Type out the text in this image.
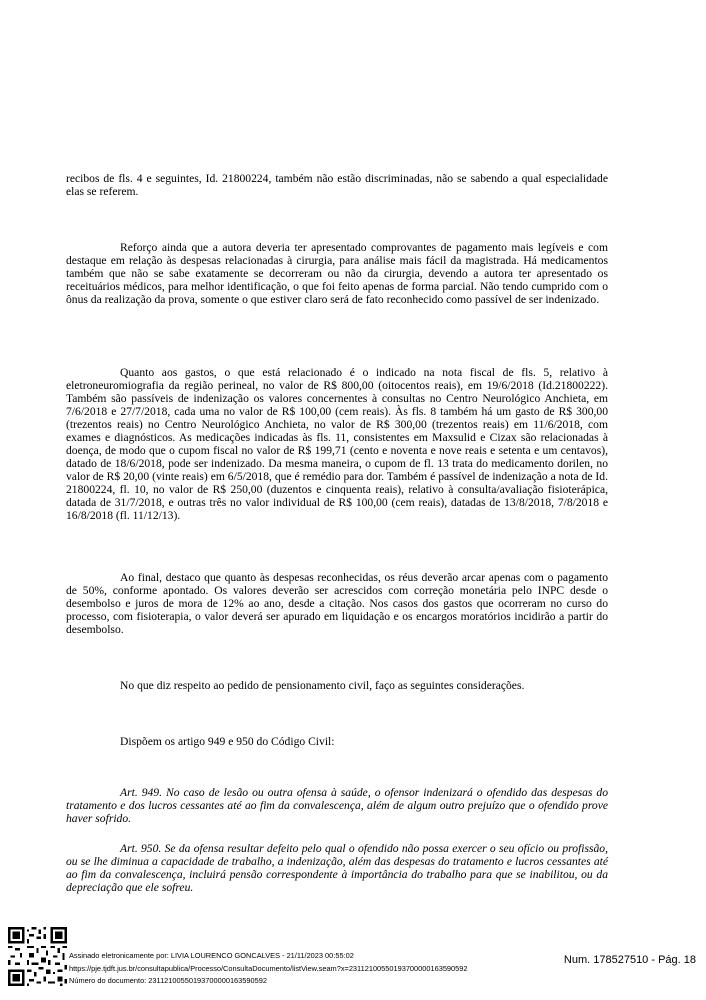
recibos de fls. 4 e seguintes, Id. 21800224, também não estão discriminadas, não se sabendo a qual especialidade elas se referem.

Reforço ainda que a autora deveria ter apresentado comprovantes de pagamento mais legíveis e com destaque em relação às despesas relacionadas à cirurgia, para análise mais fácil da magistrada. Há medicamentos também que não se sabe exatamente se decorreram ou não da cirurgia, devendo a autora ter apresentado os receituários médicos, para melhor identificação, o que foi feito apenas de forma parcial. Não tendo cumprido com o ônus da realização da prova, somente o que estiver claro será de fato reconhecido como passível de ser indenizado.

Quanto aos gastos, o que está relacionado é o indicado na nota fiscal de fls. 5, relativo à eletroneuromiografia da região perineal, no valor de R$ 800,00 (oitocentos reais), em 19/6/2018 (Id.21800222). Também são passíveis de indenização os valores concernentes à consultas no Centro Neurológico Anchieta, em 7/6/2018 e 27/7/2018, cada uma no valor de R$ 100,00 (cem reais). Às fls. 8 também há um gasto de R$ 300,00 (trezentos reais) no Centro Neurológico Anchieta, no valor de R$ 300,00 (trezentos reais) em 11/6/2018, com exames e diagnósticos. As medicações indicadas às fls. 11, consistentes em Maxsulid e Cizax são relacionadas à doença, de modo que o cupom fiscal no valor de R$ 199,71 (cento e noventa e nove reais e setenta e um centavos), datado de 18/6/2018, pode ser indenizado. Da mesma maneira, o cupom de fl. 13 trata do medicamento dorilen, no valor de R$ 20,00 (vinte reais) em 6/5/2018, que é remédio para dor. Também é passível de indenização a nota de Id. 21800224, fl. 10, no valor de R$ 250,00 (duzentos e cinquenta reais), relativo à consulta/avaliação fisioterápica, datada de 31/7/2018, e outras três no valor individual de R$ 100,00 (cem reais), datadas de 13/8/2018, 7/8/2018 e 16/8/2018 (fl. 11/12/13).

Ao final, destaco que quanto às despesas reconhecidas, os réus deverão arcar apenas com o pagamento de 50%, conforme apontado. Os valores deverão ser acrescidos com correção monetária pelo INPC desde o desembolso e juros de mora de 12% ao ano, desde a citação. Nos casos dos gastos que ocorreram no curso do processo, com fisioterapia, o valor deverá ser apurado em liquidação e os encargos moratórios incidirão a partir do desembolso.

No que diz respeito ao pedido de pensionamento civil, faço as seguintes considerações.

Dispõem os artigo 949 e 950 do Código Civil:

Art. 949. No caso de lesão ou outra ofensa à saúde, o ofensor indenizará o ofendido das despesas do tratamento e dos lucros cessantes até ao fim da convalescença, além de algum outro prejuízo que o ofendido prove haver sofrido.

Art. 950. Se da ofensa resultar defeito pelo qual o ofendido não possa exercer o seu ofício ou profissão, ou se lhe diminua a capacidade de trabalho, a indenização, além das despesas do tratamento e lucros cessantes até ao fim da convalescença, incluirá pensão correspondente à importância do trabalho para que se inabilitou, ou da depreciação que ele sofreu.

Assinado eletronicamente por: LIVIA LOURENCO GONCALVES - 21/11/2023 00:55:02
https://pje.tjdft.jus.br/consultapublica/Processo/ConsultaDocumento/listView.seam?x=23112100550193700000163590592
Número do documento: 23112100550193700000163590592
Num. 178527510 - Pág. 18
